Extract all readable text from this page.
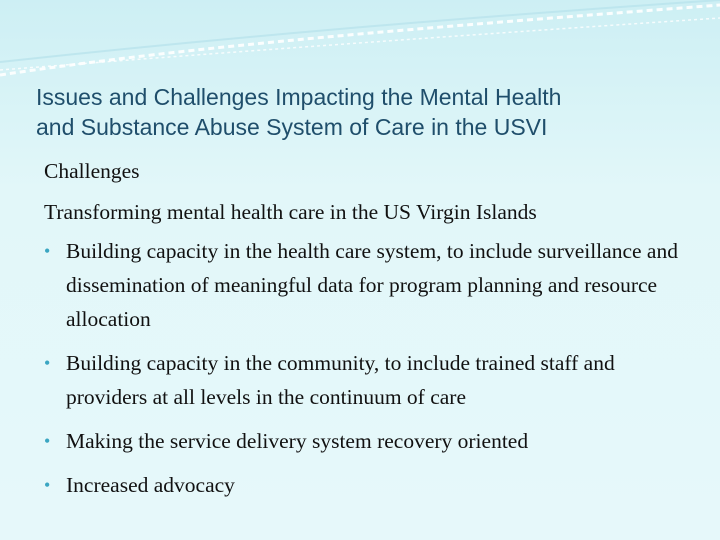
Issues and Challenges Impacting the Mental Health
and Substance Abuse System of Care in the USVI

Challenges

Transforming mental health care in the US Virgin Islands

• Building capacity in the health care system, to include surveillance and dissemination of meaningful data for program planning and resource allocation
• Building capacity in the community, to include trained staff and providers at all levels in the continuum of care
• Making the service delivery system recovery oriented
• Increased advocacy
